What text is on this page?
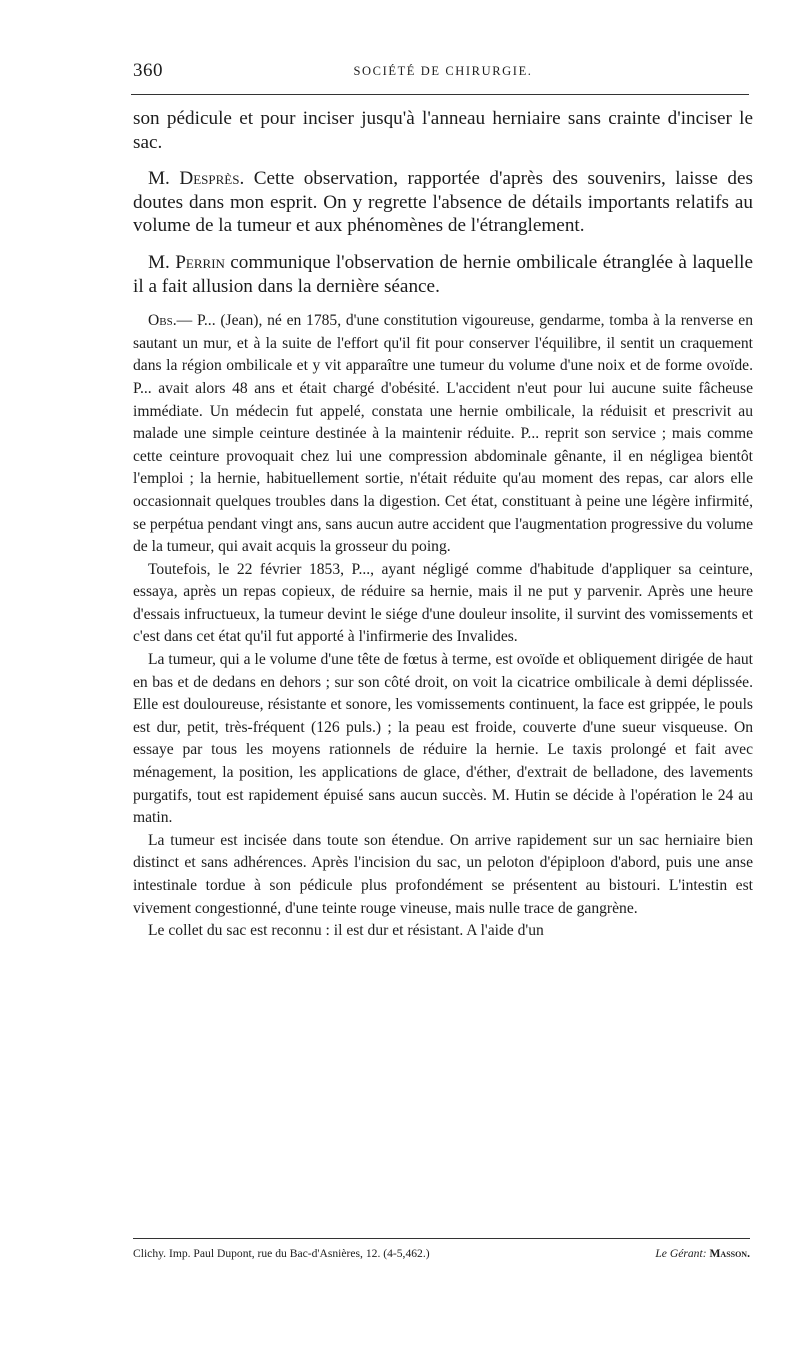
360	SOCIÉTÉ DE CHIRURGIE.

son pédicule et pour inciser jusqu'à l'anneau herniaire sans crainte d'inciser le sac.

M. Desprès. Cette observation, rapportée d'après des souvenirs, laisse des doutes dans mon esprit. On y regrette l'absence de détails importants relatifs au volume de la tumeur et aux phénomènes de l'étranglement.

M. Perrin communique l'observation de hernie ombilicale étranglée à laquelle il a fait allusion dans la dernière séance.

Obs.— P... (Jean), né en 1785, d'une constitution vigoureuse, gendarme, tomba à la renverse en sautant un mur, et à la suite de l'effort qu'il fit pour conserver l'équilibre, il sentit un craquement dans la région ombilicale et y vit apparaître une tumeur du volume d'une noix et de forme ovoïde. P... avait alors 48 ans et était chargé d'obésité. L'accident n'eut pour lui aucune suite fâcheuse immédiate. Un médecin fut appelé, constata une hernie ombilicale, la réduisit et prescrivit au malade une simple ceinture destinée à la maintenir réduite. P... reprit son service ; mais comme cette ceinture provoquait chez lui une compression abdominale gênante, il en négligea bientôt l'emploi ; la hernie, habituellement sortie, n'était réduite qu'au moment des repas, car alors elle occasionnait quelques troubles dans la digestion. Cet état, constituant à peine une légère infirmité, se perpétua pendant vingt ans, sans aucun autre accident que l'augmentation progressive du volume de la tumeur, qui avait acquis la grosseur du poing.

Toutefois, le 22 février 1853, P..., ayant négligé comme d'habitude d'appliquer sa ceinture, essaya, après un repas copieux, de réduire sa hernie, mais il ne put y parvenir. Après une heure d'essais infructueux, la tumeur devint le siége d'une douleur insolite, il survint des vomissements et c'est dans cet état qu'il fut apporté à l'infirmerie des Invalides.

La tumeur, qui a le volume d'une tête de fœtus à terme, est ovoïde et obliquement dirigée de haut en bas et de dedans en dehors ; sur son côté droit, on voit la cicatrice ombilicale à demi déplissée. Elle est douloureuse, résistante et sonore, les vomissements continuent, la face est grippée, le pouls est dur, petit, très-fréquent (126 puls.) ; la peau est froide, couverte d'une sueur visqueuse. On essaye par tous les moyens rationnels de réduire la hernie. Le taxis prolongé et fait avec ménagement, la position, les applications de glace, d'éther, d'extrait de belladone, des lavements purgatifs, tout est rapidement épuisé sans aucun succès. M. Hutin se décide à l'opération le 24 au matin.

La tumeur est incisée dans toute son étendue. On arrive rapidement sur un sac herniaire bien distinct et sans adhérences. Après l'incision du sac, un peloton d'épiploon d'abord, puis une anse intestinale tordue à son pédicule plus profondément se présentent au bistouri. L'intestin est vivement congestionné, d'une teinte rouge vineuse, mais nulle trace de gangrène.

Le collet du sac est reconnu : il est dur et résistant. A l'aide d'un

Clichy. Imp. Paul Dupont, rue du Bac-d'Asnières, 12. (4-5,462.)	Le Gérant: Masson.
